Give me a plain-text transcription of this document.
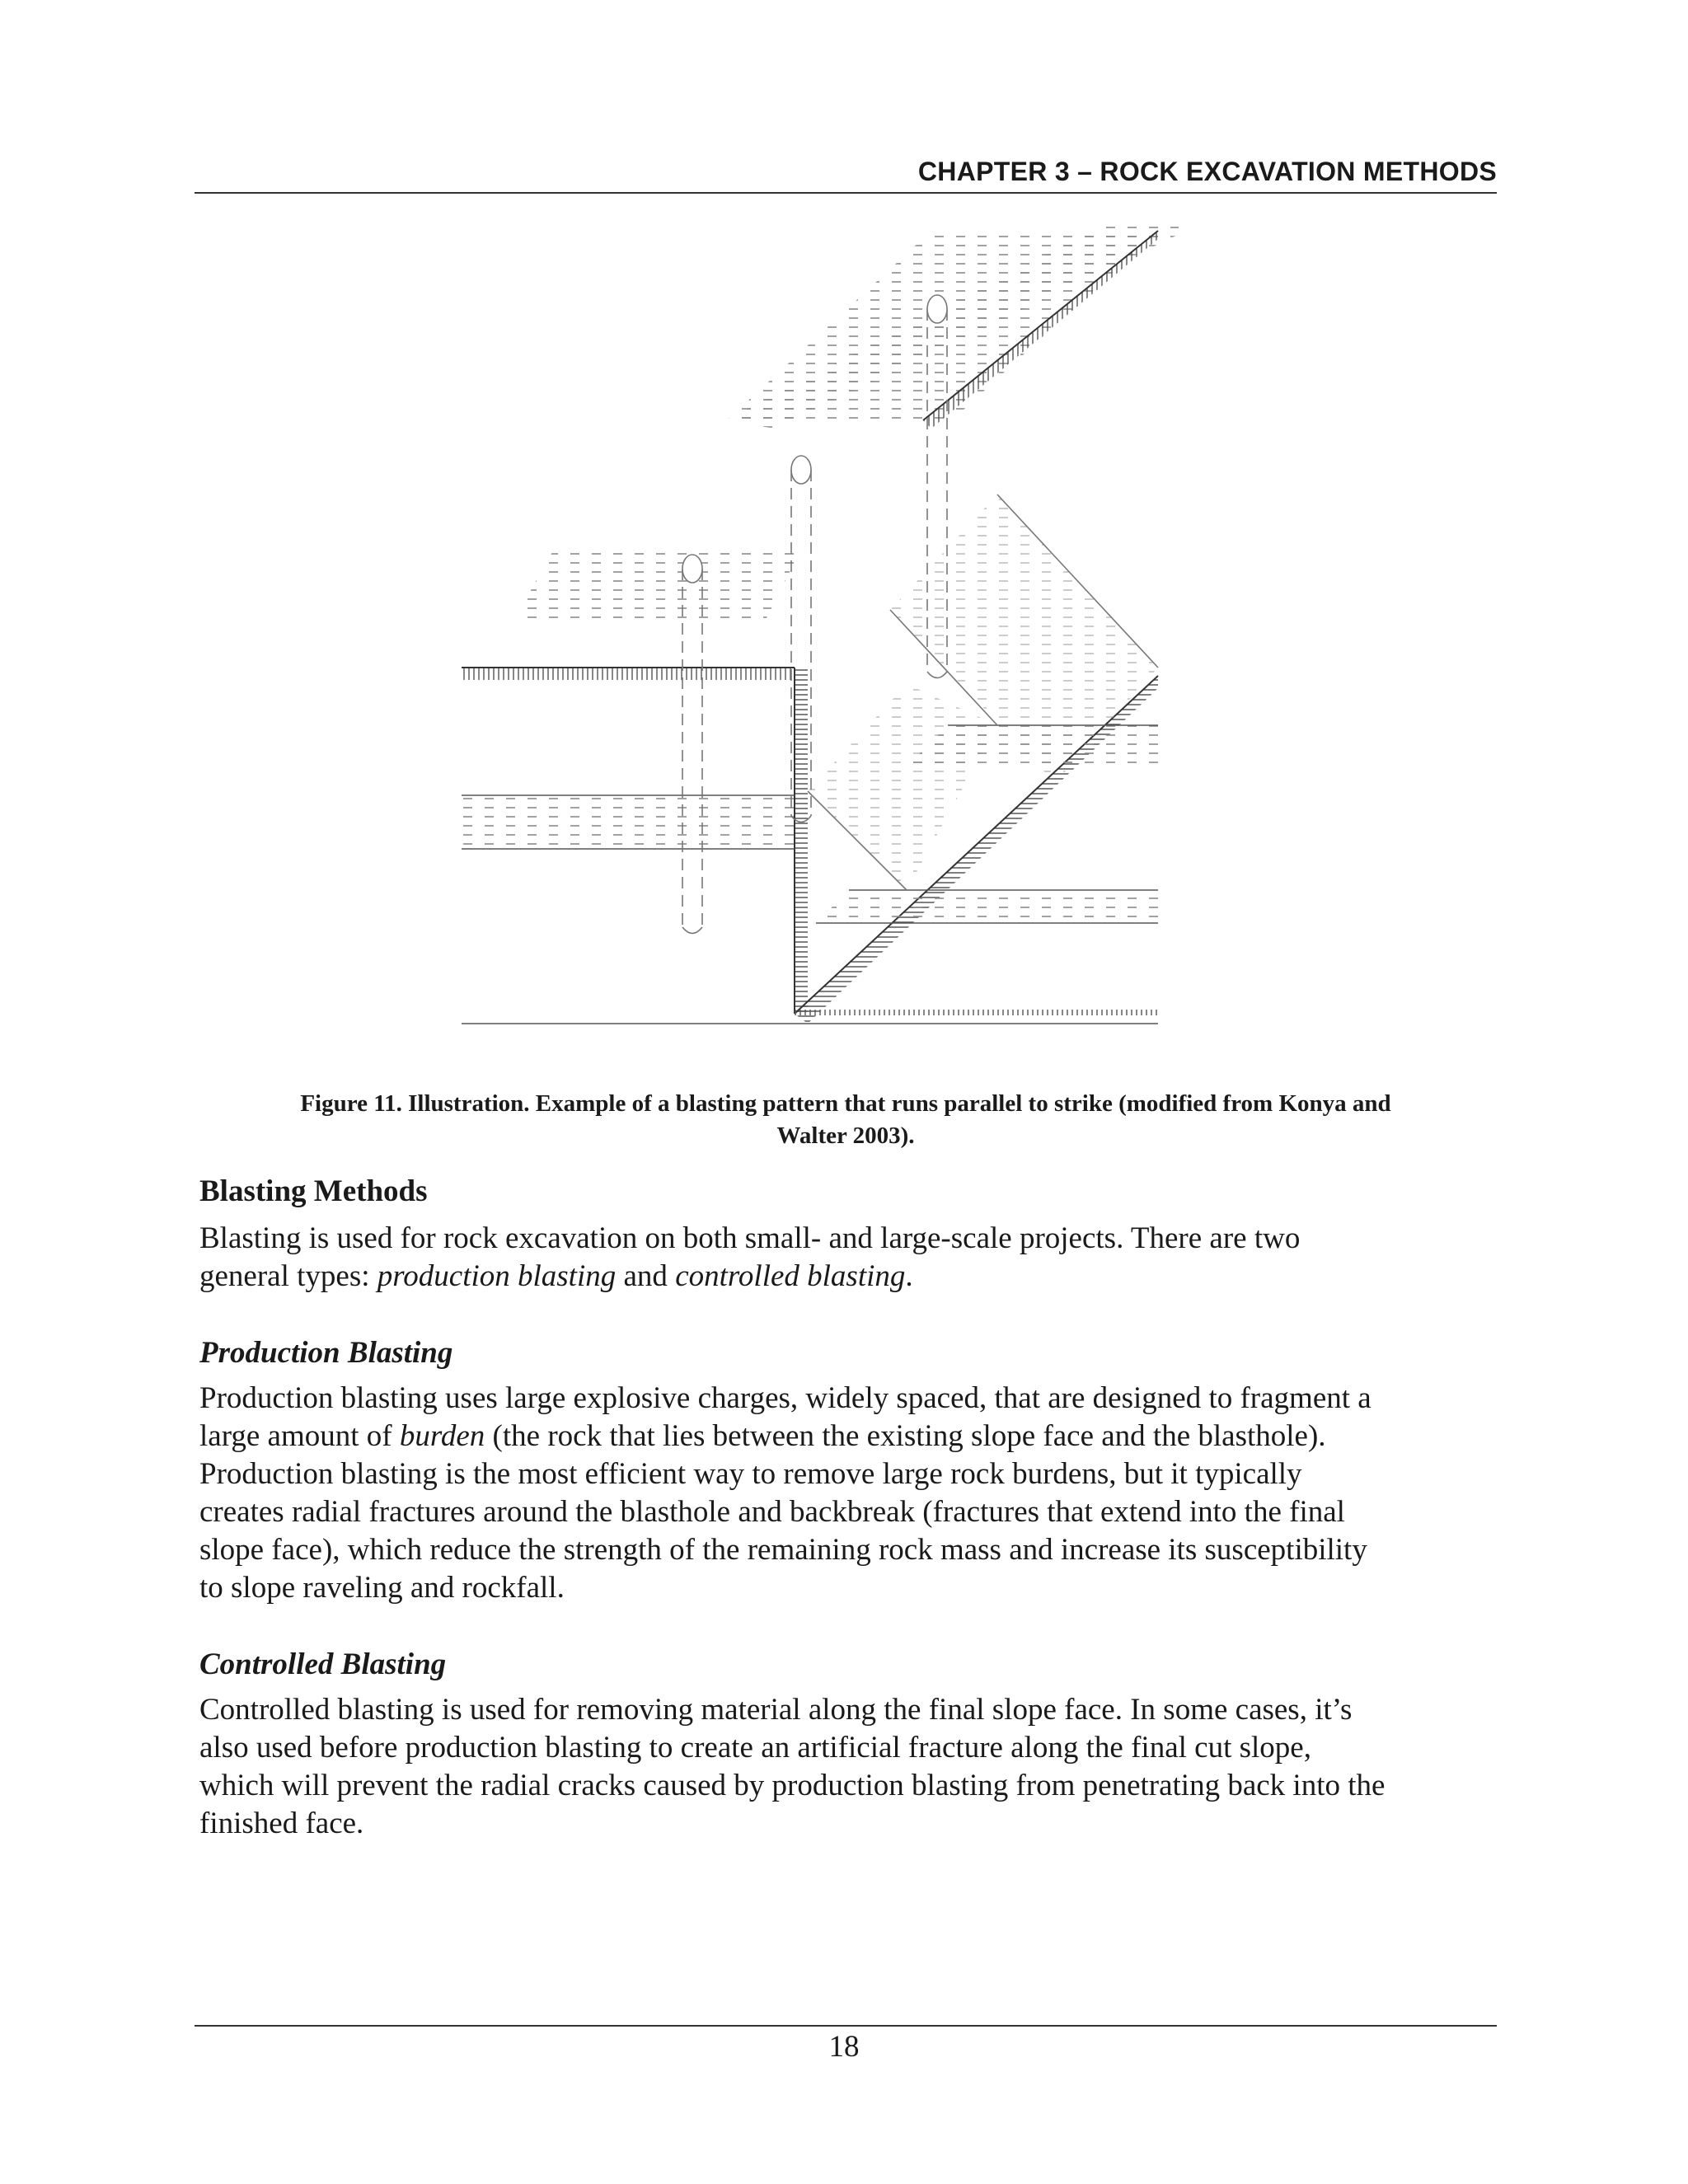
CHAPTER 3 – ROCK EXCAVATION METHODS
Figure 11. Illustration. Example of a blasting pattern that runs parallel to strike (modified from Konya and
Walter 2003).
Blasting Methods
Blasting is used for rock excavation on both small- and large-scale projects. There are two
general types: production blasting and controlled blasting.
Production Blasting
Production blasting uses large explosive charges, widely spaced, that are designed to fragment a
large amount of burden (the rock that lies between the existing slope face and the blasthole).
Production blasting is the most efficient way to remove large rock burdens, but it typically
creates radial fractures around the blasthole and backbreak (fractures that extend into the final
slope face), which reduce the strength of the remaining rock mass and increase its susceptibility
to slope raveling and rockfall.
Controlled Blasting
Controlled blasting is used for removing material along the final slope face. In some cases, it’s
also used before production blasting to create an artificial fracture along the final cut slope,
which will prevent the radial cracks caused by production blasting from penetrating back into the
finished face.
18
